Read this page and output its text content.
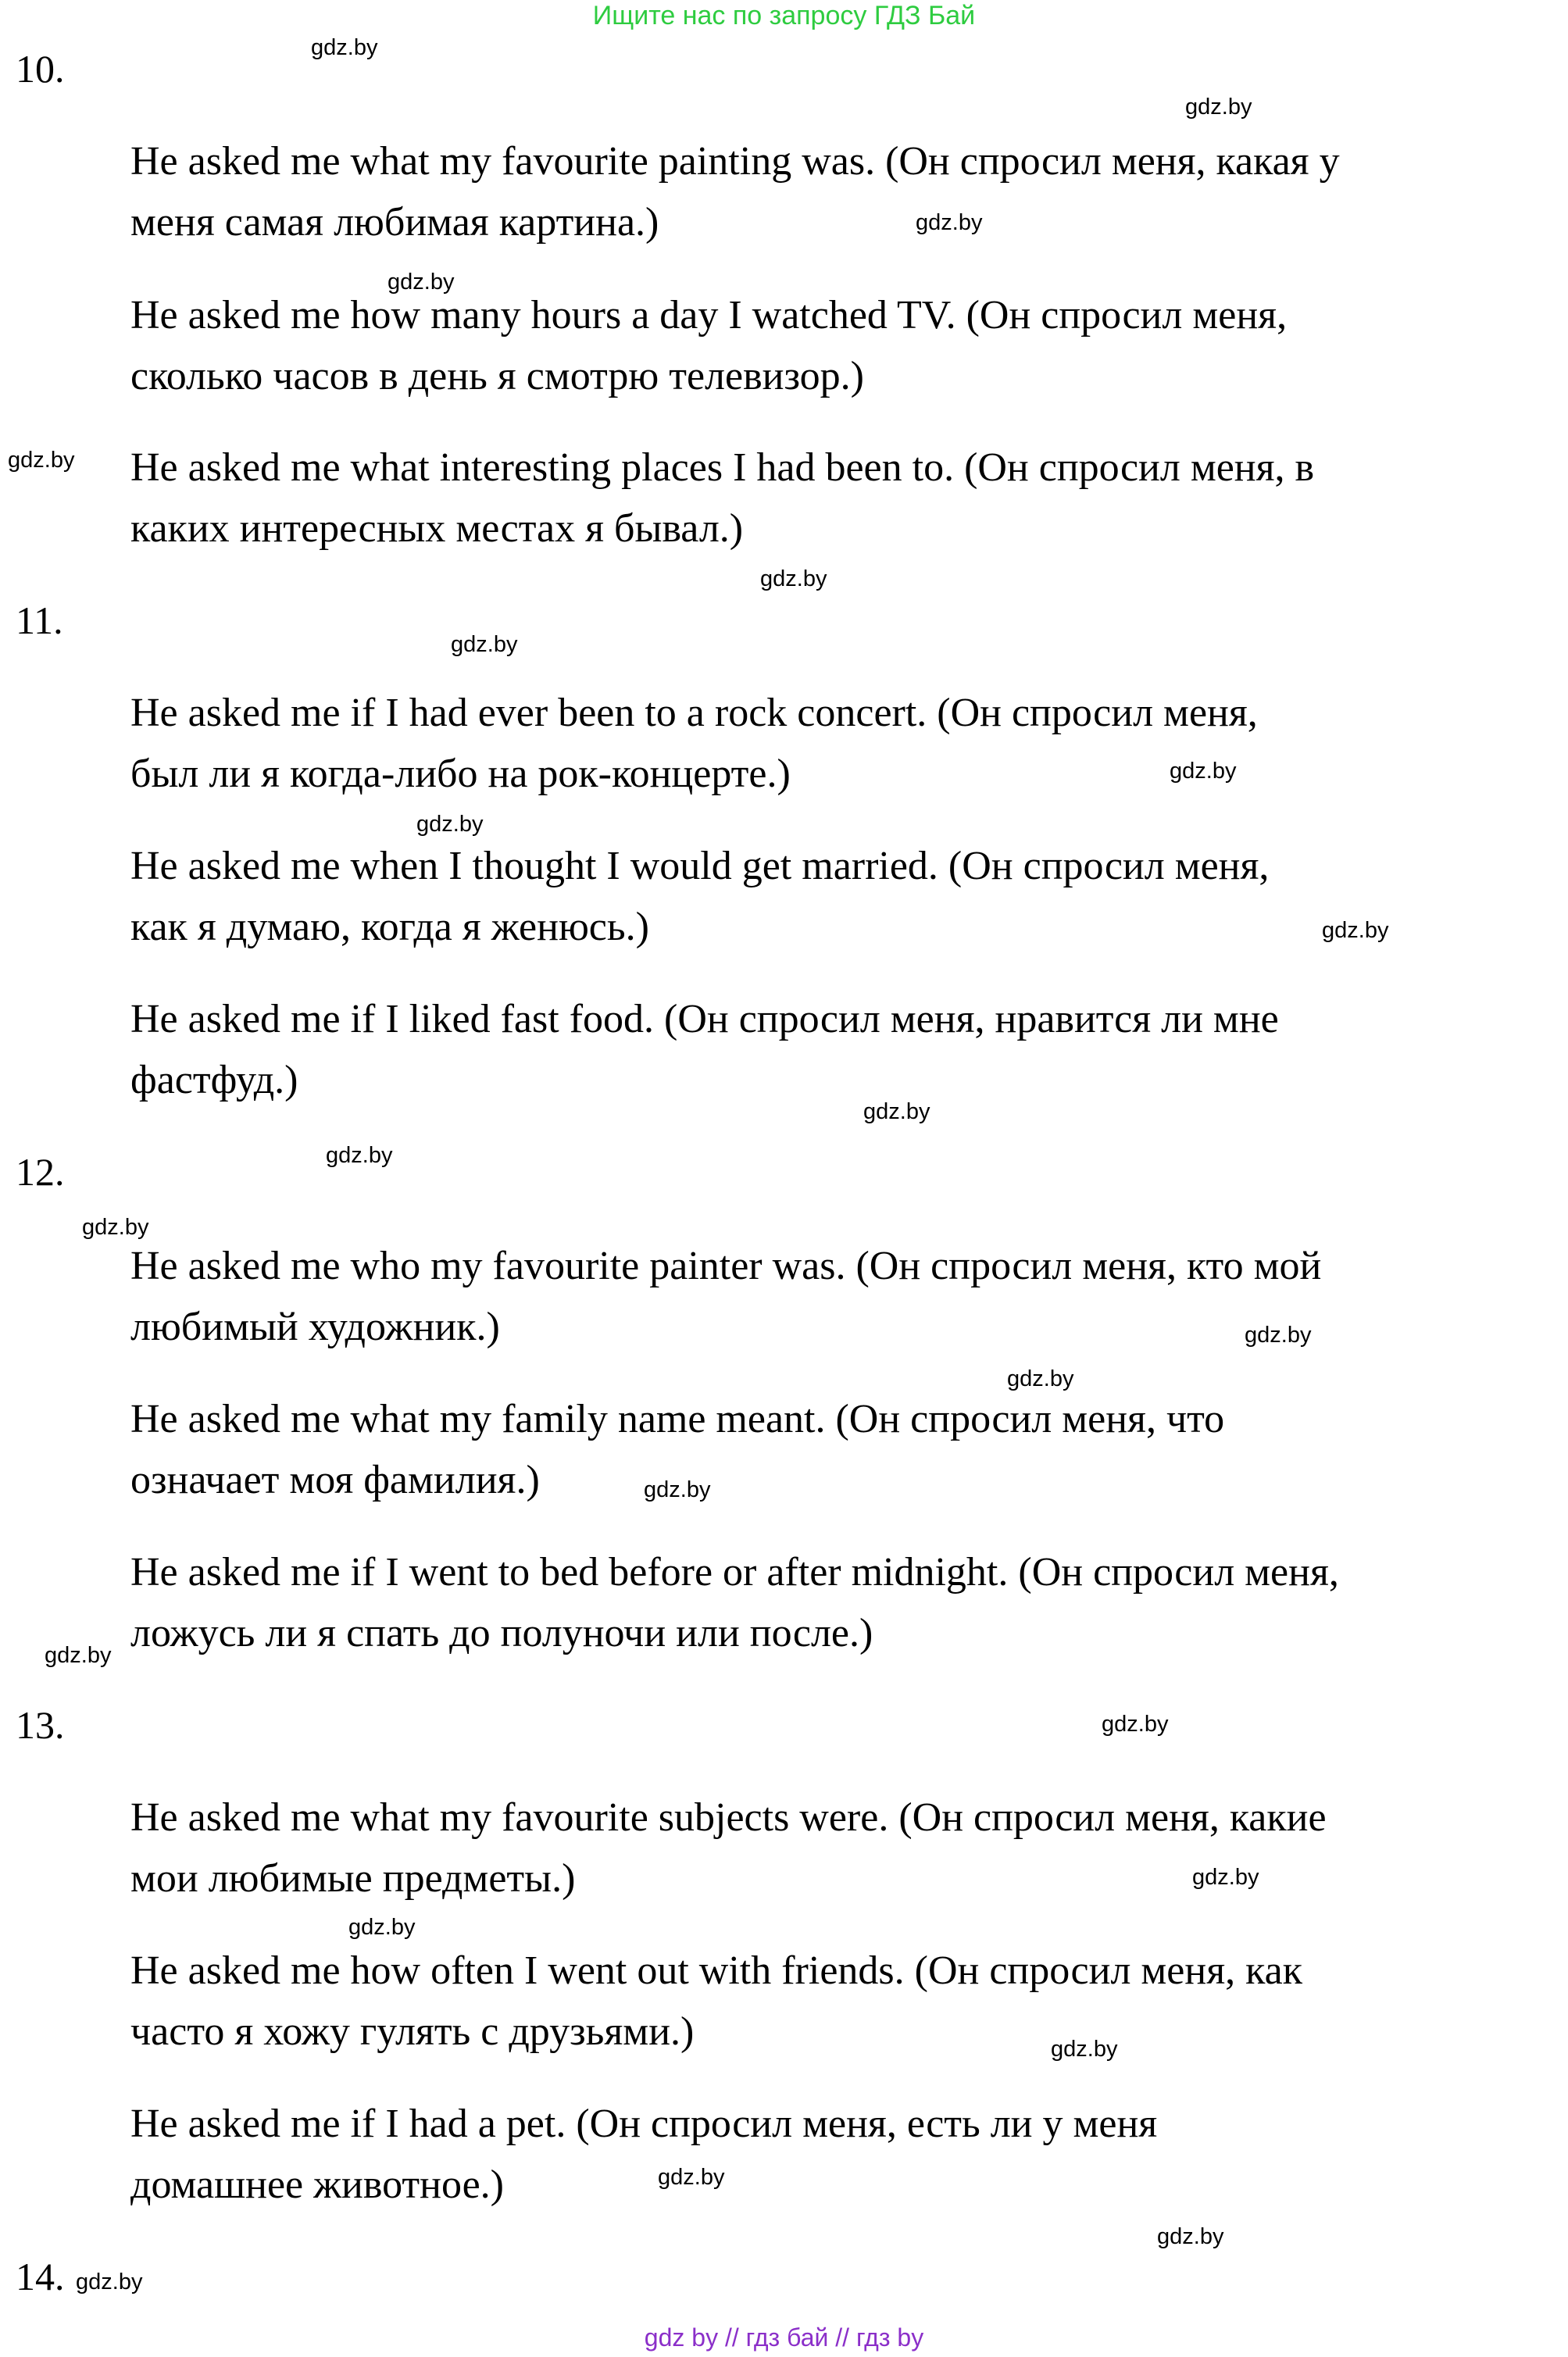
Ищите нас по запросу ГДЗ Бай
10.
He asked me what my favourite painting was. (Он спросил меня, какая у
меня самая любимая картина.)
He asked me how many hours a day I watched TV. (Он спросил меня,
сколько часов в день я смотрю телевизор.)
He asked me what interesting places I had been to. (Он спросил меня, в
каких интересных местах я бывал.)
11.
He asked me if I had ever been to a rock concert. (Он спросил меня,
был ли я когда-либо на рок-концерте.)
He asked me when I thought I would get married. (Он спросил меня,
как я думаю, когда я женюсь.)
He asked me if I liked fast food. (Он спросил меня, нравится ли мне
фастфуд.)
12.
He asked me who my favourite painter was. (Он спросил меня, кто мой
любимый художник.)
He asked me what my family name meant. (Он спросил меня, что
означает моя фамилия.)
He asked me if I went to bed before or after midnight. (Он спросил меня,
ложусь ли я спать до полуночи или после.)
13.
He asked me what my favourite subjects were. (Он спросил меня, какие
мои любимые предметы.)
He asked me how often I went out with friends. (Он спросил меня, как
часто я хожу гулять с друзьями.)
He asked me if I had a pet. (Он спросил меня, есть ли у меня
домашнее животное.)
14.
gdz.by
gdz.by
gdz.by
gdz.by
gdz.by
gdz.by
gdz.by
gdz.by
gdz.by
gdz.by
gdz.by
gdz.by
gdz.by
gdz.by
gdz.by
gdz.by
gdz.by
gdz.by
gdz.by
gdz.by
gdz.by
gdz.by
gdz.by
gdz.by
gdz by // гдз бай // гдз by
